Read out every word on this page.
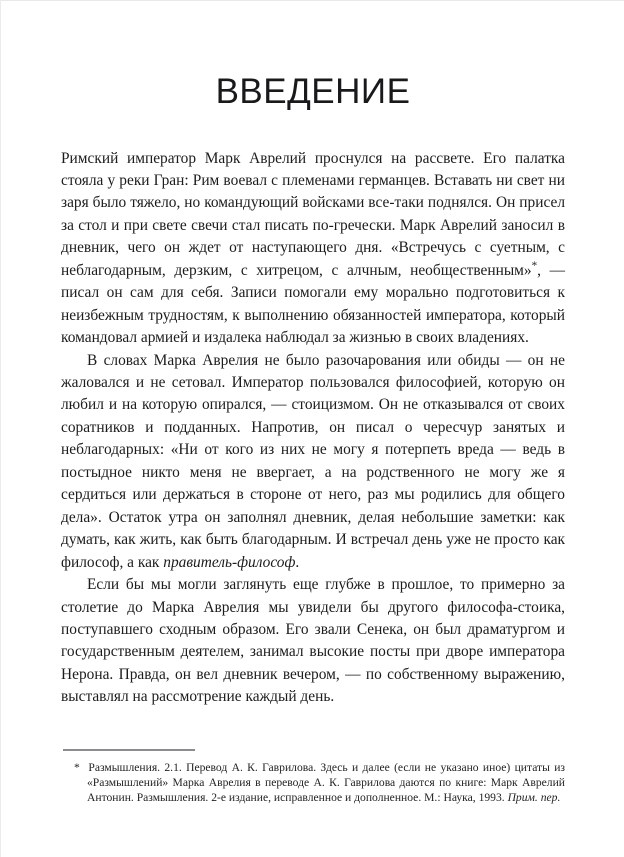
ВВЕДЕНИЕ

Римский император Марк Аврелий проснулся на рассвете. Его палатка стояла у реки Гран: Рим воевал с племенами германцев. Вставать ни свет ни заря было тяжело, но командующий войсками все-таки поднялся. Он присел за стол и при свете свечи стал писать по-гречески. Марк Аврелий заносил в дневник, чего он ждет от наступающего дня. «Встречусь с суетным, с неблагодарным, дерзким, с хитрецом, с алчным, необщественным»*, — писал он сам для себя. Записи помогали ему морально подготовиться к неизбежным трудностям, к выполнению обязанностей императора, который командовал армией и издалека наблюдал за жизнью в своих владениях.

В словах Марка Аврелия не было разочарования или обиды — он не жаловался и не сетовал. Император пользовался философией, которую он любил и на которую опирался, — стоицизмом. Он не отказывался от своих соратников и подданных. Напротив, он писал о чересчур занятых и неблагодарных: «Ни от кого из них не могу я потерпеть вреда — ведь в постыдное никто меня не ввергает, а на родственного не могу же я сердиться или держаться в стороне от него, раз мы родились для общего дела». Остаток утра он заполнял дневник, делая небольшие заметки: как думать, как жить, как быть благодарным. И встречал день уже не просто как философ, а как правитель-философ.

Если бы мы могли заглянуть еще глубже в прошлое, то примерно за столетие до Марка Аврелия мы увидели бы другого философа-стоика, поступавшего сходным образом. Его звали Сенека, он был драматургом и государственным деятелем, занимал высокие посты при дворе императора Нерона. Правда, он вел дневник вечером, — по собственному выражению, выставлял на рассмотрение каждый день.

* Размышления. 2.1. Перевод А. К. Гаврилова. Здесь и далее (если не указано иное) цитаты из «Размышлений» Марка Аврелия в переводе А. К. Гаврилова даются по книге: Марк Аврелий Антонин. Размышления. 2-е издание, исправленное и дополненное. М.: Наука, 1993. Прим. пер.
